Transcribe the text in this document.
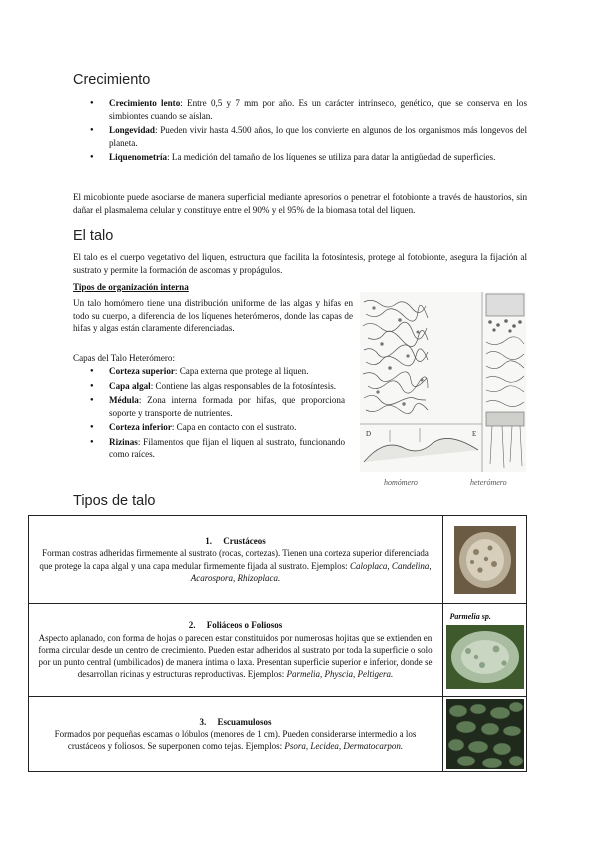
Crecimiento
● Crecimiento lento: Entre 0,5 y 7 mm por año. Es un carácter intrínseco, genético, que se conserva en los simbiontes cuando se aíslan.
● Longevidad: Pueden vivir hasta 4.500 años, lo que los convierte en algunos de los organismos más longevos del planeta.
● Liquenometría: La medición del tamaño de los líquenes se utiliza para datar la antigüedad de superficies.

El micobionte puede asociarse de manera superficial mediante apresorios o penetrar el fotobionte a través de haustorios, sin dañar el plasmalema celular y constituye entre el 90% y el 95% de la biomasa total del liquen.

El talo

El talo es el cuerpo vegetativo del liquen, estructura que facilita la fotosíntesis, protege al fotobionte, asegura la fijación al sustrato y permite la formación de ascomas y propágulos.

Tipos de organización interna

Un talo homómero tiene una distribución uniforme de las algas y hifas en todo su cuerpo, a diferencia de los líquenes heterómeros, donde las capas de hifas y algas están claramente diferenciadas.

Capas del Talo Heterómero:

● Corteza superior: Capa externa que protege al liquen.
● Capa algal: Contiene las algas responsables de la fotosíntesis.
● Médula: Zona interna formada por hifas, que proporciona soporte y transporte de nutrientes.
● Corteza inferior: Capa en contacto con el sustrato.
● Rizinas: Filamentos que fijan el liquen al sustrato, funcionando como raíces.
D	E
homómero	heterómero
Tipos de talo
1. Crustáceos
Forman costras adheridas firmemente al sustrato (rocas, cortezas). Tienen una corteza superior diferenciada que protege la capa algal y una capa medular firmemente fijada al sustrato. Ejemplos: Caloplaca, Candelina, Acarospora, Rhizoplaca.

2. Foliáceos o Foliosos
Aspecto aplanado, con forma de hojas o parecen estar constituidos por numerosas hojitas que se extienden en forma circular desde un centro de crecimiento. Pueden estar adheridos al sustrato por toda la superficie o solo por un punto central (umbilicados) de manera íntima o laxa. Presentan superficie superior e inferior, donde se desarrollan ricinas y estructuras reproductivas. Ejemplos: Parmelia, Physcia, Peltigera.	Parmelia sp.

3. Escuamulosos
Formados por pequeñas escamas o lóbulos (menores de 1 cm). Pueden considerarse intermedio a los crustáceos y foliosos. Se superponen como tejas. Ejemplos: Psora, Lecidea, Dermatocarpon.
